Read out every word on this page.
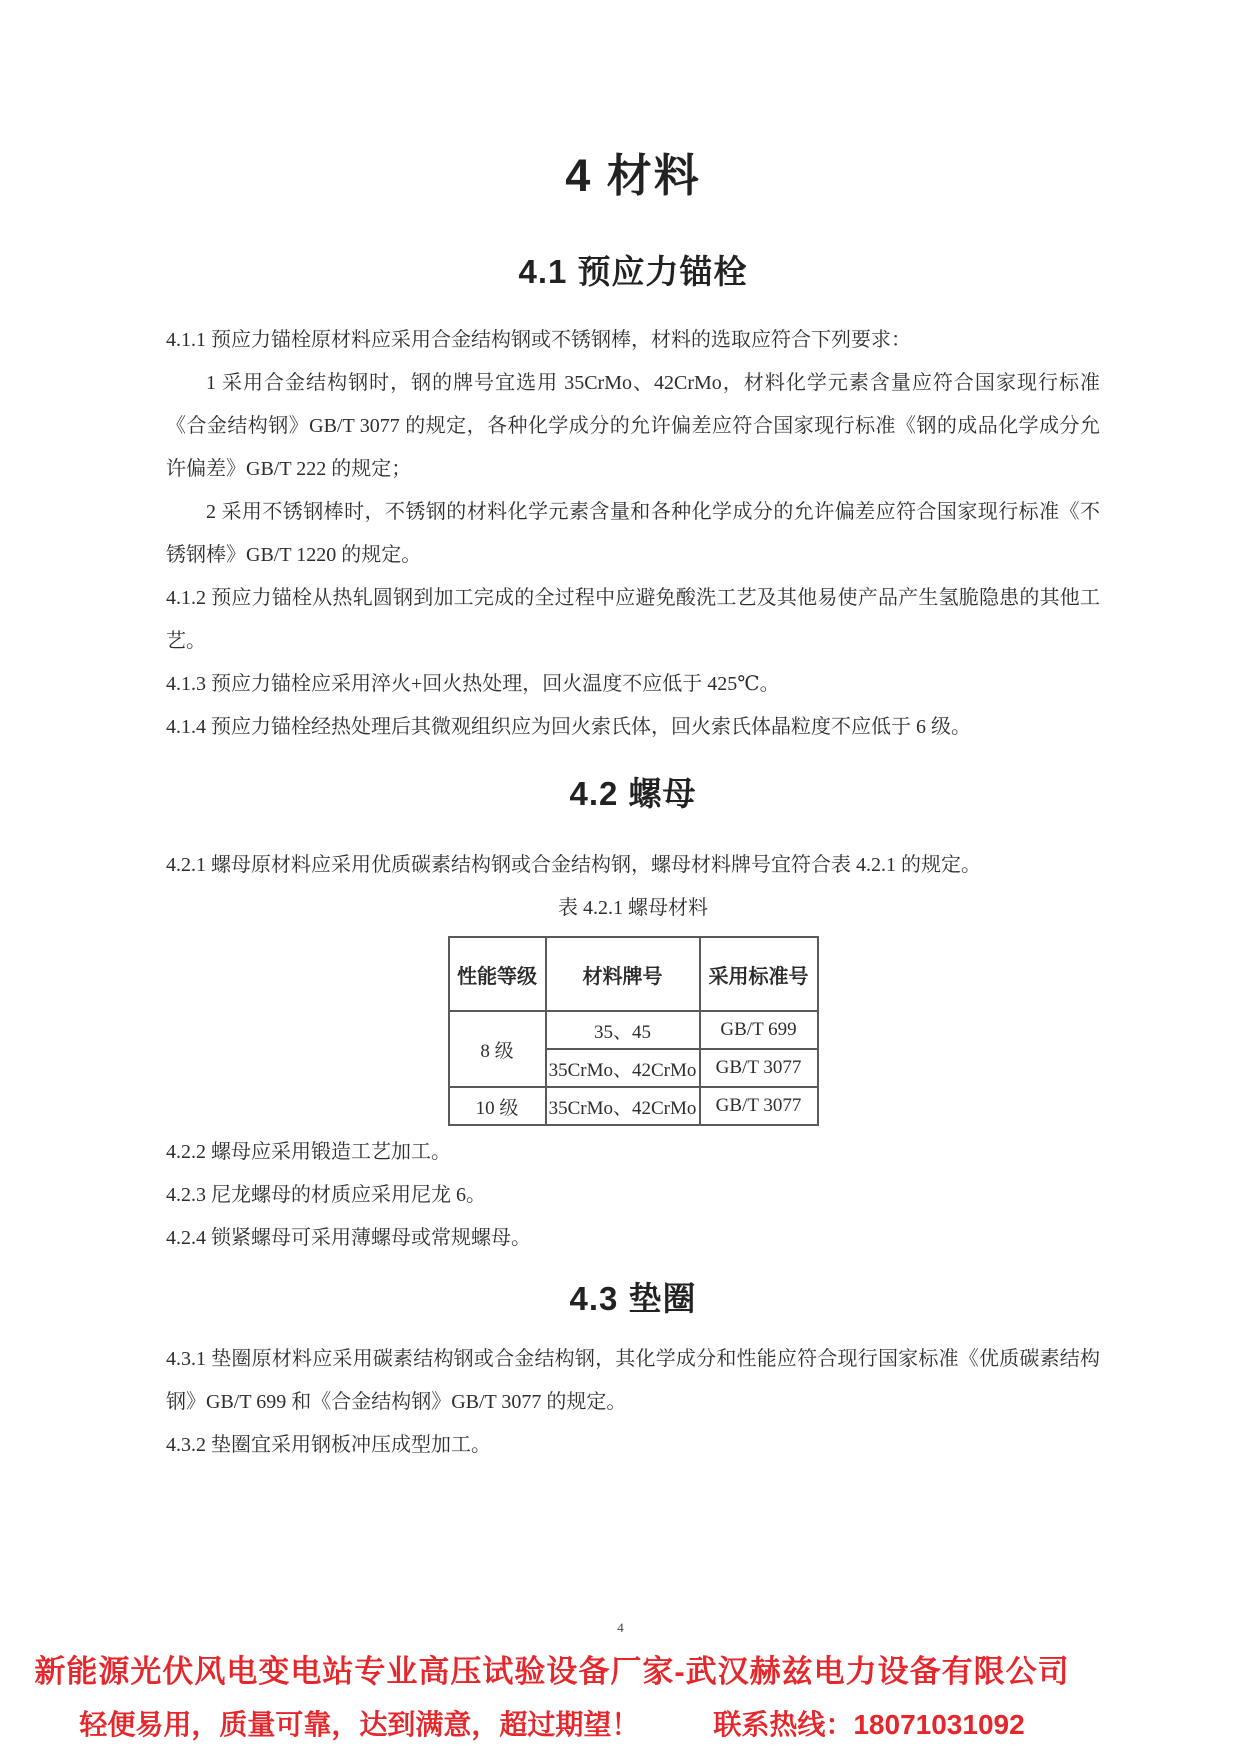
4 材料
4.1 预应力锚栓

4.1.1 预应力锚栓原材料应采用合金结构钢或不锈钢棒，材料的选取应符合下列要求：

1 采用合金结构钢时，钢的牌号宜选用 35CrMo、42CrMo，材料化学元素含量应符合国家现行标准《合金结构钢》GB/T 3077 的规定，各种化学成分的允许偏差应符合国家现行标准《钢的成品化学成分允许偏差》GB/T 222 的规定；

2 采用不锈钢棒时，不锈钢的材料化学元素含量和各种化学成分的允许偏差应符合国家现行标准《不锈钢棒》GB/T 1220 的规定。

4.1.2 预应力锚栓从热轧圆钢到加工完成的全过程中应避免酸洗工艺及其他易使产品产生氢脆隐患的其他工艺。

4.1.3 预应力锚栓应采用淬火+回火热处理，回火温度不应低于 425℃。

4.1.4 预应力锚栓经热处理后其微观组织应为回火索氏体，回火索氏体晶粒度不应低于 6 级。

4.2 螺母

4.2.1 螺母原材料应采用优质碳素结构钢或合金结构钢，螺母材料牌号宜符合表 4.2.1 的规定。

表 4.2.1 螺母材料

性能等级	材料牌号	采用标准号
8 级	35、45	GB/T 699
	35CrMo、42CrMo	GB/T 3077
10 级	35CrMo、42CrMo	GB/T 3077

4.2.2 螺母应采用锻造工艺加工。

4.2.3 尼龙螺母的材质应采用尼龙 6。

4.2.4 锁紧螺母可采用薄螺母或常规螺母。

4.3 垫圈

4.3.1 垫圈原材料应采用碳素结构钢或合金结构钢，其化学成分和性能应符合现行国家标准《优质碳素结构钢》GB/T 699 和《合金结构钢》GB/T 3077 的规定。

4.3.2 垫圈宜采用钢板冲压成型加工。

4

新能源光伏风电变电站专业高压试验设备厂家-武汉赫兹电力设备有限公司

轻便易用，质量可靠，达到满意，超过期望！	联系热线：18071031092
